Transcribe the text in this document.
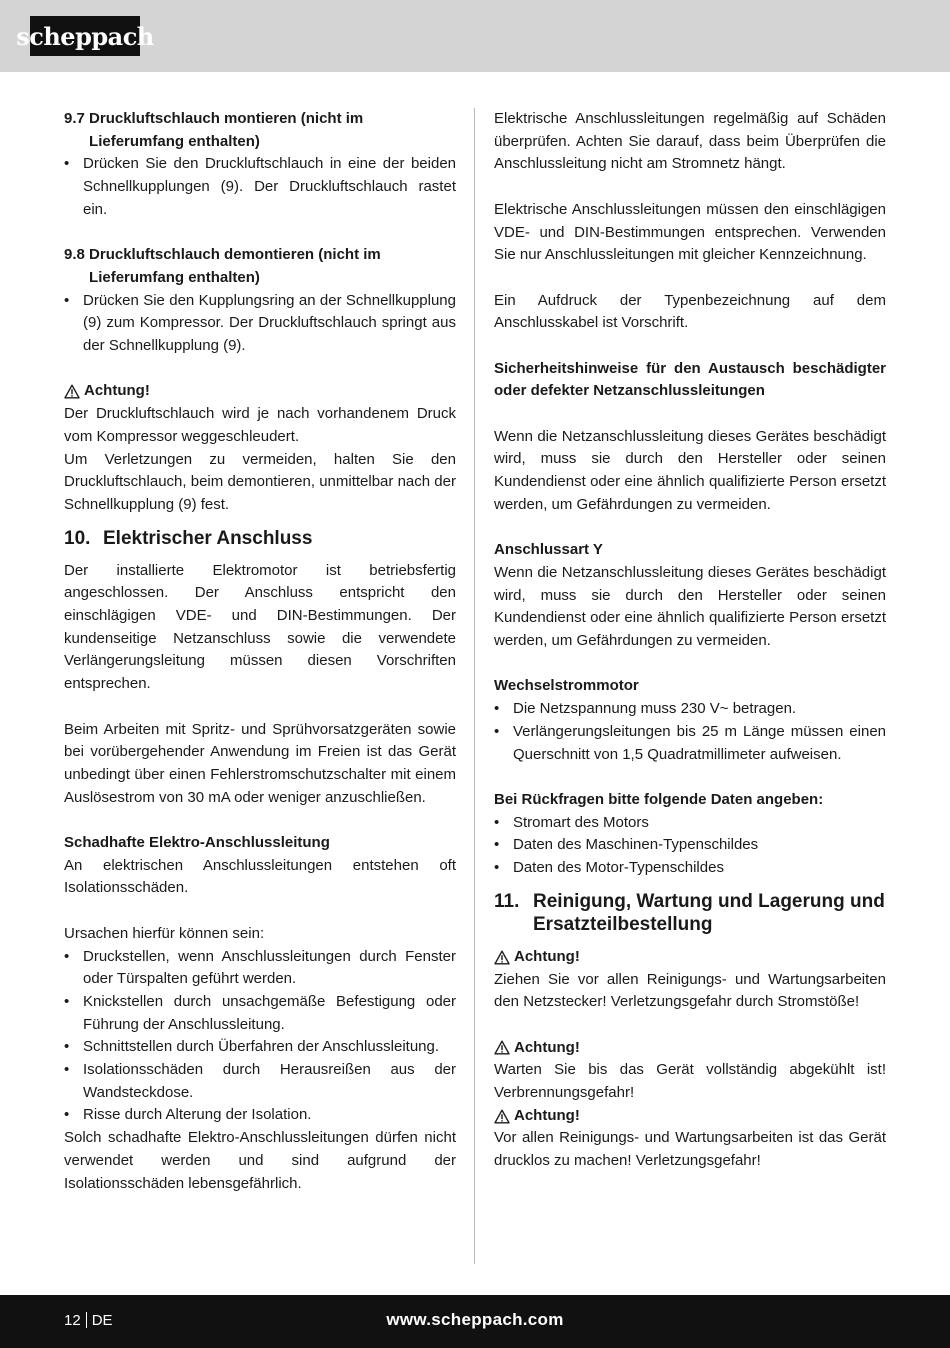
scheppach
9.7
Druckluftschlauch montieren (nicht im Lieferumfang enthalten)
• Drücken Sie den Druckluftschlauch in eine der beiden Schnellkupplungen (9). Der Druckluftschlauch rastet ein.
9.8
Druckluftschlauch demontieren (nicht im Lieferumfang enthalten)
• Drücken Sie den Kupplungsring an der Schnellkupplung (9) zum Kompressor. Der Druckluftschlauch springt aus der Schnellkupplung (9).
Achtung!

Der Druckluftschlauch wird je nach vorhandenem Druck vom Kompressor weggeschleudert.

Um Verletzungen zu vermeiden, halten Sie den Druckluftschlauch, beim demontieren, unmittelbar nach der Schnellkupplung (9) fest.

10. Elektrischer Anschluss

Der installierte Elektromotor ist betriebsfertig angeschlossen. Der Anschluss entspricht den einschlägigen VDE- und DIN-Bestimmungen. Der kundenseitige Netzanschluss sowie die verwendete Verlängerungsleitung müssen diesen Vorschriften entsprechen.

Beim Arbeiten mit Spritz- und Sprühvorsatzgeräten sowie bei vorübergehender Anwendung im Freien ist das Gerät unbedingt über einen Fehlerstromschutzschalter mit einem Auslösestrom von 30 mA oder weniger anzuschließen.

Schadhafte Elektro-Anschlussleitung

An elektrischen Anschlussleitungen entstehen oft Isolationsschäden.

Ursachen hierfür können sein:

• Druckstellen, wenn Anschlussleitungen durch Fenster oder Türspalten geführt werden.
• Knickstellen durch unsachgemäße Befestigung oder Führung der Anschlussleitung.
• Schnittstellen durch Überfahren der Anschlussleitung.
• Isolationsschäden durch Herausreißen aus der Wandsteckdose.
• Risse durch Alterung der Isolation.

Solch schadhafte Elektro-Anschlussleitungen dürfen nicht verwendet werden und sind aufgrund der Isolationsschäden lebensgefährlich.

Elektrische Anschlussleitungen regelmäßig auf Schäden überprüfen. Achten Sie darauf, dass beim Überprüfen die Anschlussleitung nicht am Stromnetz hängt.

Elektrische Anschlussleitungen müssen den einschlägigen VDE- und DIN-Bestimmungen entsprechen. Verwenden Sie nur Anschlussleitungen mit gleicher Kennzeichnung.

Ein Aufdruck der Typenbezeichnung auf dem Anschlusskabel ist Vorschrift.

Sicherheitshinweise für den Austausch beschädigter oder defekter Netzanschlussleitungen

Wenn die Netzanschlussleitung dieses Gerätes beschädigt wird, muss sie durch den Hersteller oder seinen Kundendienst oder eine ähnlich qualifizierte Person ersetzt werden, um Gefährdungen zu vermeiden.

Anschlussart Y

Wenn die Netzanschlussleitung dieses Gerätes beschädigt wird, muss sie durch den Hersteller oder seinen Kundendienst oder eine ähnlich qualifizierte Person ersetzt werden, um Gefährdungen zu vermeiden.

Wechselstrommotor
• Die Netzspannung muss 230 V~ betragen.
• Verlängerungsleitungen bis 25 m Länge müssen einen Querschnitt von 1,5 Quadratmillimeter aufweisen.
Bei Rückfragen bitte folgende Daten angeben:
• Stromart des Motors
• Daten des Maschinen-Typenschildes
• Daten des Motor-Typenschildes
11. Reinigung, Wartung und Lagerung und Ersatzteilbestellung
Achtung!

Ziehen Sie vor allen Reinigungs- und Wartungsarbeiten den Netzstecker! Verletzungsgefahr durch Stromstöße!

Achtung!

Warten Sie bis das Gerät vollständig abgekühlt ist! Verbrennungsgefahr!

Achtung!

Vor allen Reinigungs- und Wartungsarbeiten ist das Gerät drucklos zu machen! Verletzungsgefahr!

12 DE	www.scheppach.com
